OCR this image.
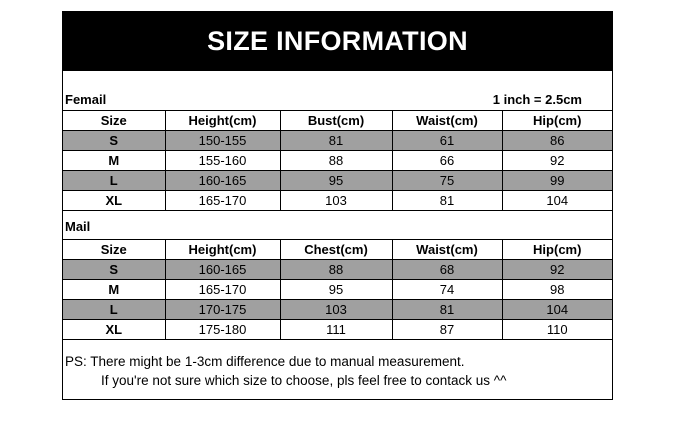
SIZE INFORMATION
Femail	1 inch = 2.5cm
Size	Height(cm)	Bust(cm)	Waist(cm)	Hip(cm)
S	150-155	81	61	86
M	155-160	88	66	92
L	160-165	95	75	99
XL	165-170	103	81	104
Mail
Size	Height(cm)	Chest(cm)	Waist(cm)	Hip(cm)
S	160-165	88	68	92
M	165-170	95	74	98
L	170-175	103	81	104
XL	175-180	111	87	110
PS: There might be 1-3cm difference due to manual measurement.
If you're not sure which size to choose, pls feel free to contack us ^^
